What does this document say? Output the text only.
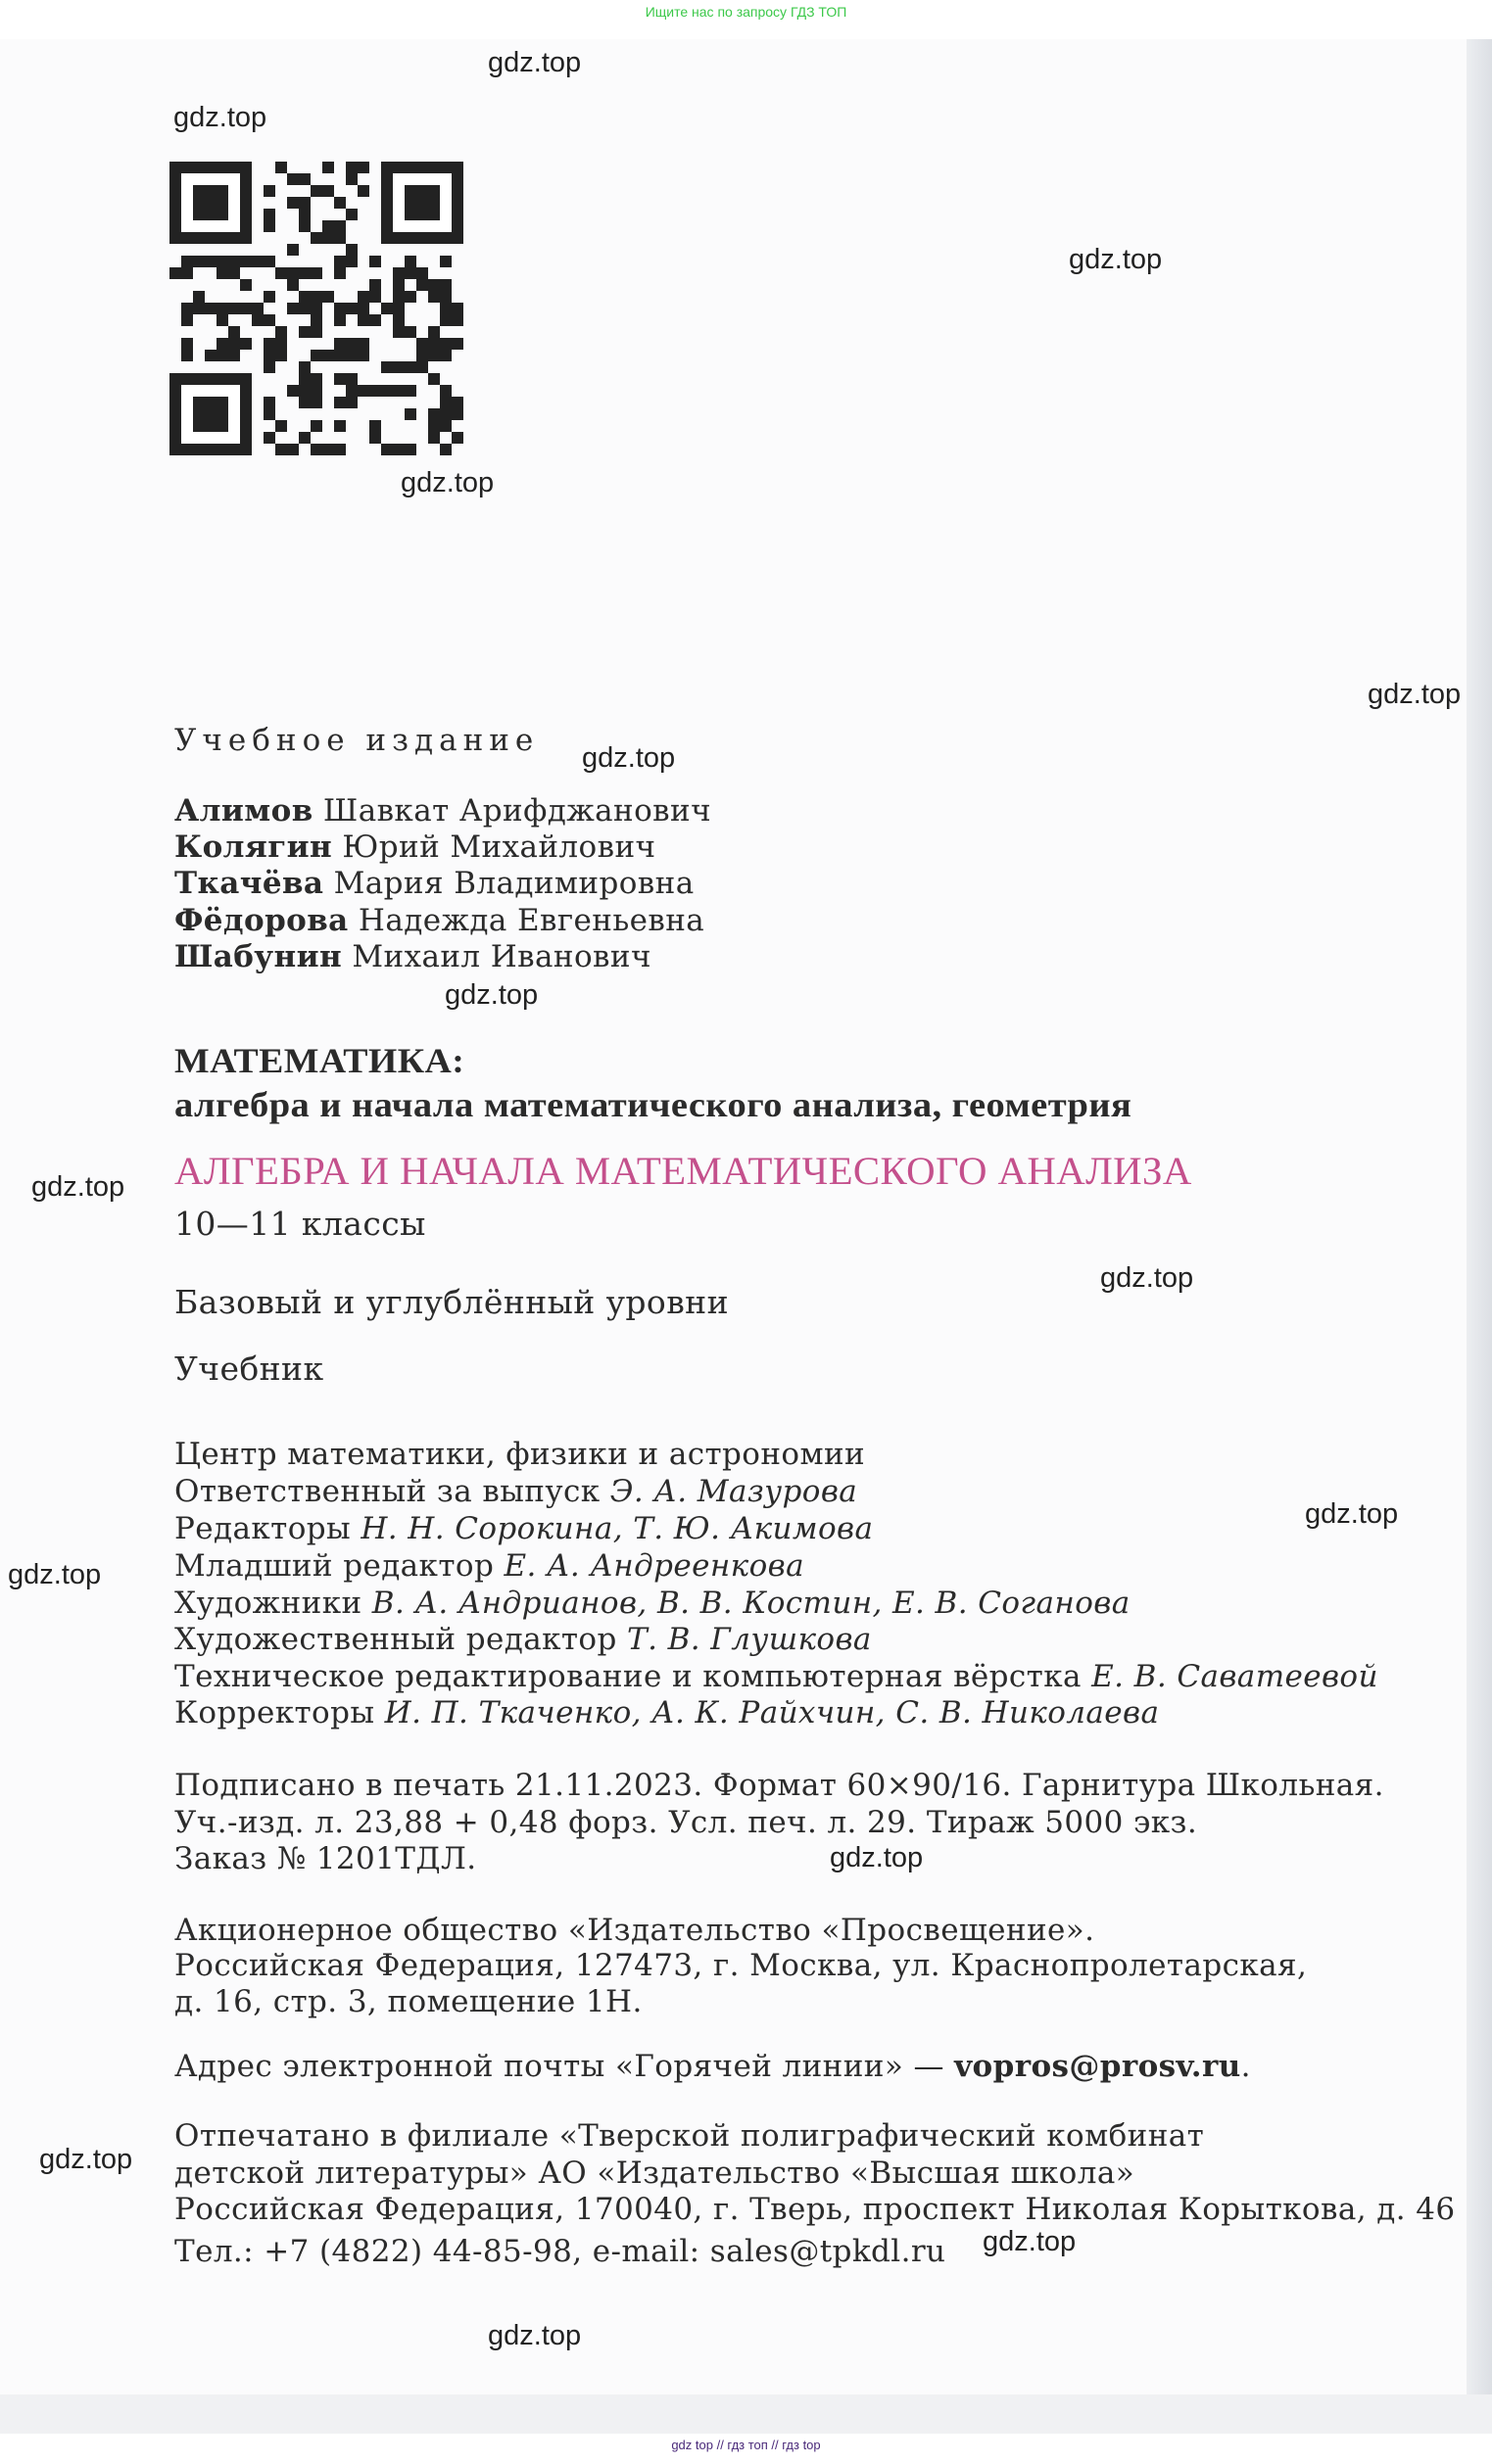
Ищите нас по запросу ГДЗ ТОП
Учебное издание
Алимов Шавкат Арифджанович
Колягин Юрий Михайлович
Ткачёва Мария Владимировна
Фёдорова Надежда Евгеньевна
Шабунин Михаил Иванович
МАТЕМАТИКА:
алгебра и начала математического анализа, геометрия
АЛГЕБРА И НАЧАЛА МАТЕМАТИЧЕСКОГО АНАЛИЗА
10—11 классы
Базовый и углублённый уровни
Учебник
Центр математики, физики и астрономии
Ответственный за выпуск Э. А. Мазурова
Редакторы Н. Н. Сорокина, Т. Ю. Акимова
Младший редактор Е. А. Андреенкова
Художники В. А. Андрианов, В. В. Костин, Е. В. Соганова
Художественный редактор Т. В. Глушкова
Техническое редактирование и компьютерная вёрстка Е. В. Саватеевой
Корректоры И. П. Ткаченко, А. К. Райхчин, С. В. Николаева
Подписано в печать 21.11.2023. Формат 60×90/16. Гарнитура Школьная.
Уч.-изд. л. 23,88 + 0,48 форз. Усл. печ. л. 29. Тираж 5000 экз.
Заказ № 1201ТДЛ.
Акционерное общество «Издательство «Просвещение».
Российская Федерация, 127473, г. Москва, ул. Краснопролетарская,
д. 16, стр. 3, помещение 1Н.
Адрес электронной почты «Горячей линии» — vopros@prosv.ru.
Отпечатано в филиале «Тверской полиграфический комбинат
детской литературы» АО «Издательство «Высшая школа»
Российская Федерация, 170040, г. Тверь, проспект Николая Корыткова, д. 46
Тел.: +7 (4822) 44-85-98, e-mail: sales@tpkdl.ru
gdz.top
gdz.top
gdz.top
gdz.top
gdz.top
gdz.top
gdz.top
gdz.top
gdz.top
gdz.top
gdz.top
gdz.top
gdz.top
gdz.top
gdz.top
gdz top // гдз топ // гдз top
